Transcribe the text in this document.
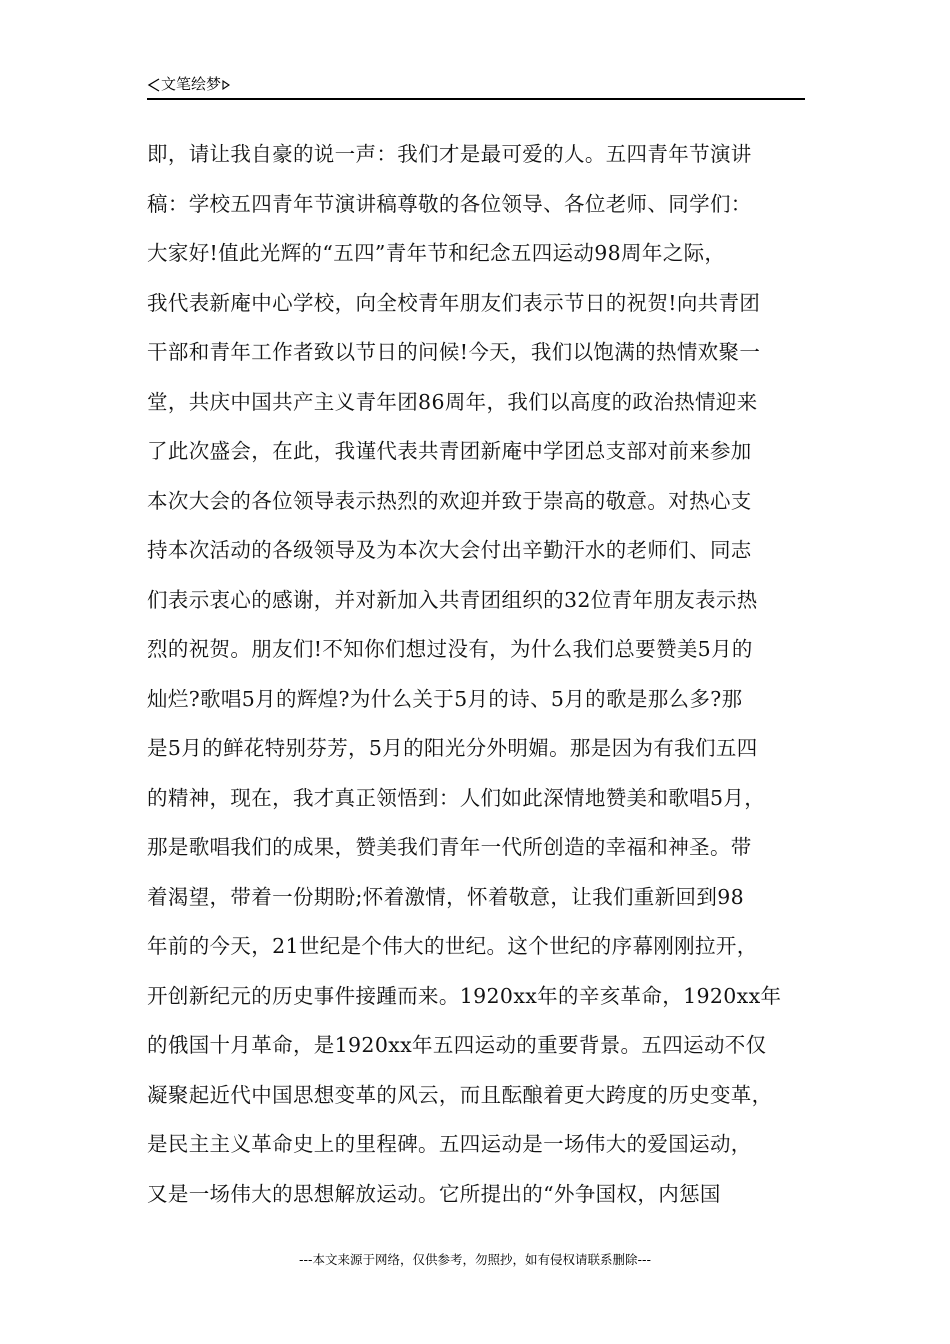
文笔绘梦
即，请让我自豪的说一声：我们才是最可爱的人。五四青年节演讲
稿：学校五四青年节演讲稿尊敬的各位领导、各位老师、同学们：
大家好!值此光辉的“五四”青年节和纪念五四运动98周年之际，
我代表新庵中心学校，向全校青年朋友们表示节日的祝贺!向共青团
干部和青年工作者致以节日的问候!今天，我们以饱满的热情欢聚一
堂，共庆中国共产主义青年团86周年，我们以高度的政治热情迎来
了此次盛会，在此，我谨代表共青团新庵中学团总支部对前来参加
本次大会的各位领导表示热烈的欢迎并致于崇高的敬意。对热心支
持本次活动的各级领导及为本次大会付出辛勤汗水的老师们、同志
们表示衷心的感谢，并对新加入共青团组织的32位青年朋友表示热
烈的祝贺。朋友们!不知你们想过没有，为什么我们总要赞美5月的
灿烂?歌唱5月的辉煌?为什么关于5月的诗、5月的歌是那么多?那
是5月的鲜花特别芬芳，5月的阳光分外明媚。那是因为有我们五四
的精神，现在，我才真正领悟到：人们如此深情地赞美和歌唱5月，
那是歌唱我们的成果，赞美我们青年一代所创造的幸福和神圣。带
着渴望，带着一份期盼;怀着激情，怀着敬意，让我们重新回到98
年前的今天，21世纪是个伟大的世纪。这个世纪的序幕刚刚拉开，
开创新纪元的历史事件接踵而来。1920xx年的辛亥革命，1920xx年
的俄国十月革命，是1920xx年五四运动的重要背景。五四运动不仅
凝聚起近代中国思想变革的风云，而且酝酿着更大跨度的历史变革，
是民主主义革命史上的里程碑。五四运动是一场伟大的爱国运动，
又是一场伟大的思想解放运动。它所提出的“外争国权，内惩国
---本文来源于网络，仅供参考，勿照抄，如有侵权请联系删除---
